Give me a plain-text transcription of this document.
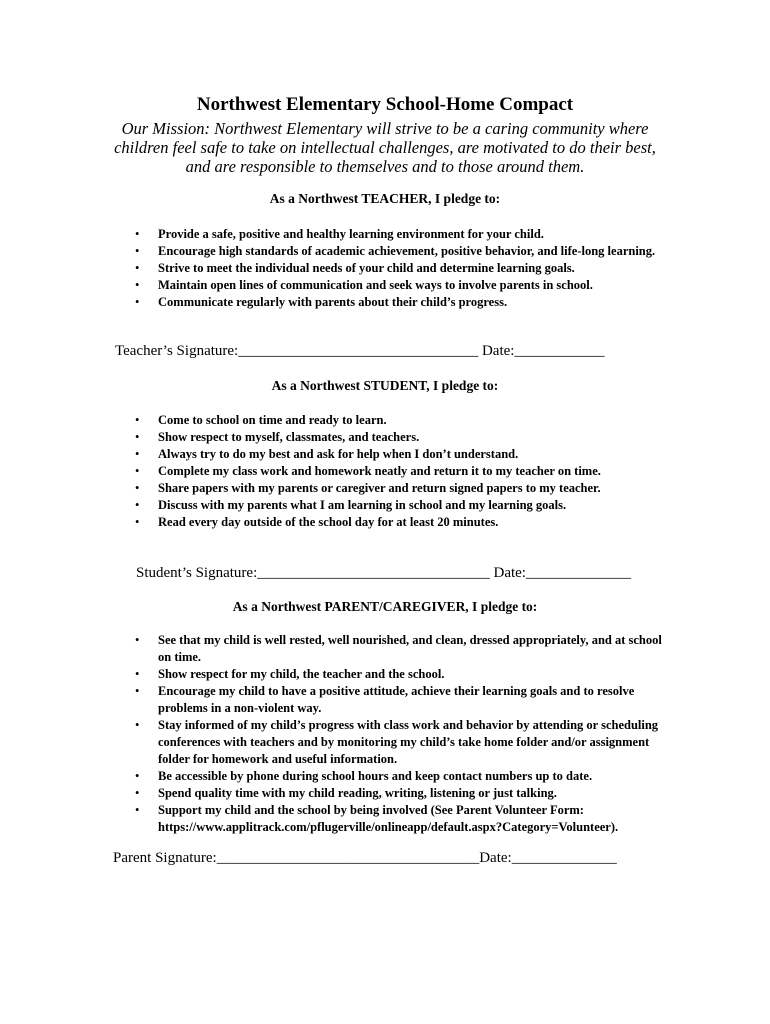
Northwest Elementary School-Home Compact
Our Mission: Northwest Elementary will strive to be a caring community where children feel safe to take on intellectual challenges, are motivated to do their best, and are responsible to themselves and to those around them.
As a Northwest TEACHER, I pledge to:
• Provide a safe, positive and healthy learning environment for your child.
• Encourage high standards of academic achievement, positive behavior, and life-long learning.
• Strive to meet the individual needs of your child and determine learning goals.
• Maintain open lines of communication and seek ways to involve parents in school.
• Communicate regularly with parents about their child’s progress.
Teacher’s Signature:________________________________ Date:____________
As a Northwest STUDENT, I pledge to:
• Come to school on time and ready to learn.
• Show respect to myself, classmates, and teachers.
• Always try to do my best and ask for help when I don’t understand.
• Complete my class work and homework neatly and return it to my teacher on time.
• Share papers with my parents or caregiver and return signed papers to my teacher.
• Discuss with my parents what I am learning in school and my learning goals.
• Read every day outside of the school day for at least 20 minutes.
Student’s Signature:_______________________________ Date:______________
As a Northwest PARENT/CAREGIVER, I pledge to:
• See that my child is well rested, well nourished, and clean, dressed appropriately, and at school on time.
• Show respect for my child, the teacher and the school.
• Encourage my child to have a positive attitude, achieve their learning goals and to resolve problems in a non-violent way.
• Stay informed of my child’s progress with class work and behavior by attending or scheduling conferences with teachers and by monitoring my child’s take home folder and/or assignment folder for homework and useful information.
• Be accessible by phone during school hours and keep contact numbers up to date.
• Spend quality time with my child reading, writing, listening or just talking.
• Support my child and the school by being involved (See Parent Volunteer Form: https://www.applitrack.com/pflugerville/onlineapp/default.aspx?Category=Volunteer).
Parent Signature:___________________________________Date:______________
